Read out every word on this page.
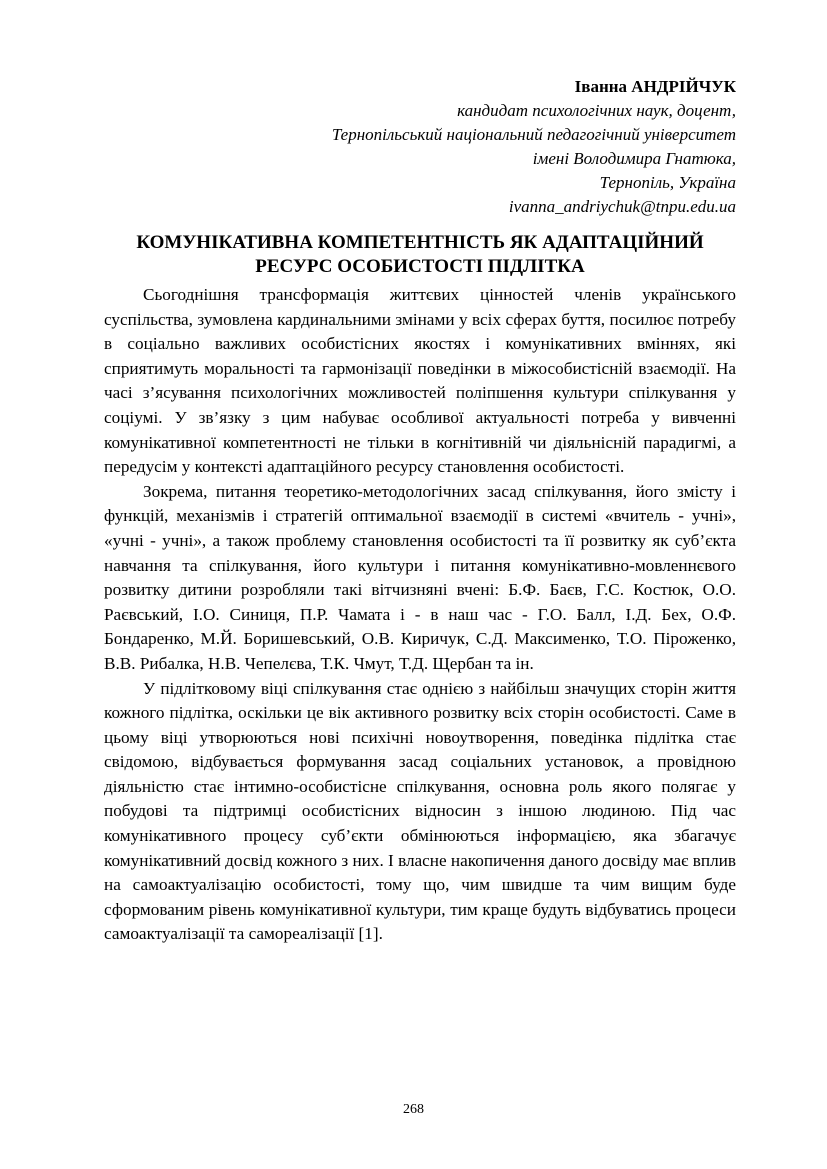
Іванна АНДРІЙЧУК
кандидат психологічних наук, доцент,
Тернопільський національний педагогічний університет
імені Володимира Гнатюка,
Тернопіль, Україна
ivanna_andriychuk@tnpu.edu.ua
КОМУНІКАТИВНА КОМПЕТЕНТНІСТЬ ЯК АДАПТАЦІЙНИЙ
РЕСУРС ОСОБИСТОСТІ ПІДЛІТКА

Сьогоднішня трансформація життєвих цінностей членів українського суспільства, зумовлена кардинальними змінами у всіх сферах буття, посилює потребу в соціально важливих особистісних якостях і комунікативних вміннях, які сприятимуть моральності та гармонізації поведінки в міжособистісній взаємодії. На часі з’ясування психологічних можливостей поліпшення культури спілкування у соціумі. У зв’язку з цим набуває особливої актуальності потреба у вивченні комунікативної компетентності не тільки в когнітивній чи діяльнісній парадигмі, а передусім у контексті адаптаційного ресурсу становлення особистості.

Зокрема, питання теоретико-методологічних засад спілкування, його змісту і функцій, механізмів і стратегій оптимальної взаємодії в системі «вчитель - учні», «учні - учні», а також проблему становлення особистості та її розвитку як суб’єкта навчання та спілкування, його культури і питання комунікативно-мовленнєвого розвитку дитини розробляли такі вітчизняні вчені: Б.Ф. Баєв, Г.С. Костюк, О.О. Раєвський, І.О. Синиця, П.Р. Чамата і - в наш час - Г.О. Балл, І.Д. Бех, О.Ф. Бондаренко, М.Й. Боришевський, О.В. Киричук, С.Д. Максименко, Т.О. Піроженко, В.В. Рибалка, Н.В. Чепелєва, Т.К. Чмут, Т.Д. Щербан та ін.

У підлітковому віці спілкування стає однією з найбільш значущих сторін життя кожного підлітка, оскільки це вік активного розвитку всіх сторін особистості. Саме в цьому віці утворюються нові психічні новоутворення, поведінка підлітка стає свідомою, відбувається формування засад соціальних установок, а провідною діяльністю стає інтимно-особистісне спілкування, основна роль якого полягає у побудові та підтримці особистісних відносин з іншою людиною. Під час комунікативного процесу суб’єкти обмінюються інформацією, яка збагачує комунікативний досвід кожного з них. І власне накопичення даного досвіду має вплив на самоактуалізацію особистості, тому що, чим швидше та чим вищим буде сформованим рівень комунікативної культури, тим краще будуть відбуватись процеси самоактуалізації та самореалізації [1].

268
